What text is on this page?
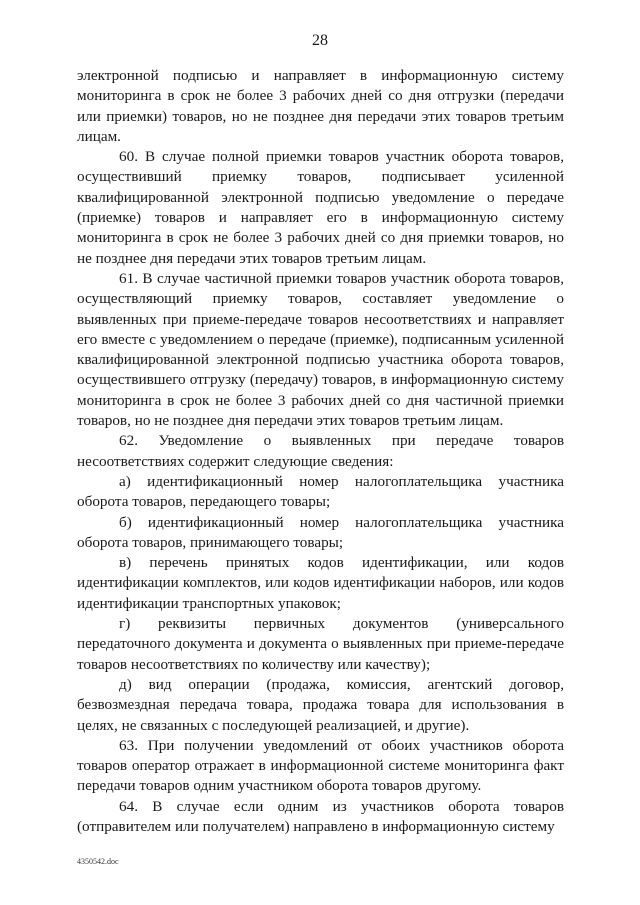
28

электронной подписью и направляет в информационную систему мониторинга в срок не более 3 рабочих дней со дня отгрузки (передачи или приемки) товаров, но не позднее дня передачи этих товаров третьим лицам.

60. В случае полной приемки товаров участник оборота товаров, осуществивший приемку товаров, подписывает усиленной квалифицированной электронной подписью уведомление о передаче (приемке) товаров и направляет его в информационную систему мониторинга в срок не более 3 рабочих дней со дня приемки товаров, но не позднее дня передачи этих товаров третьим лицам.

61. В случае частичной приемки товаров участник оборота товаров, осуществляющий приемку товаров, составляет уведомление о выявленных при приеме-передаче товаров несоответствиях и направляет его вместе с уведомлением о передаче (приемке), подписанным усиленной квалифицированной электронной подписью участника оборота товаров, осуществившего отгрузку (передачу) товаров, в информационную систему мониторинга в срок не более 3 рабочих дней со дня частичной приемки товаров, но не позднее дня передачи этих товаров третьим лицам.

62. Уведомление о выявленных при передаче товаров несоответствиях содержит следующие сведения:

а) идентификационный номер налогоплательщика участника оборота товаров, передающего товары;

б) идентификационный номер налогоплательщика участника оборота товаров, принимающего товары;

в) перечень принятых кодов идентификации, или кодов идентификации комплектов, или кодов идентификации наборов, или кодов идентификации транспортных упаковок;

г) реквизиты первичных документов (универсального передаточного документа и документа о выявленных при приеме-передаче товаров несоответствиях по количеству или качеству);

д) вид операции (продажа, комиссия, агентский договор, безвозмездная передача товара, продажа товара для использования в целях, не связанных с последующей реализацией, и другие).

63. При получении уведомлений от обоих участников оборота товаров оператор отражает в информационной системе мониторинга факт передачи товаров одним участником оборота товаров другому.

64. В случае если одним из участников оборота товаров (отправителем или получателем) направлено в информационную систему

4350542.doc
